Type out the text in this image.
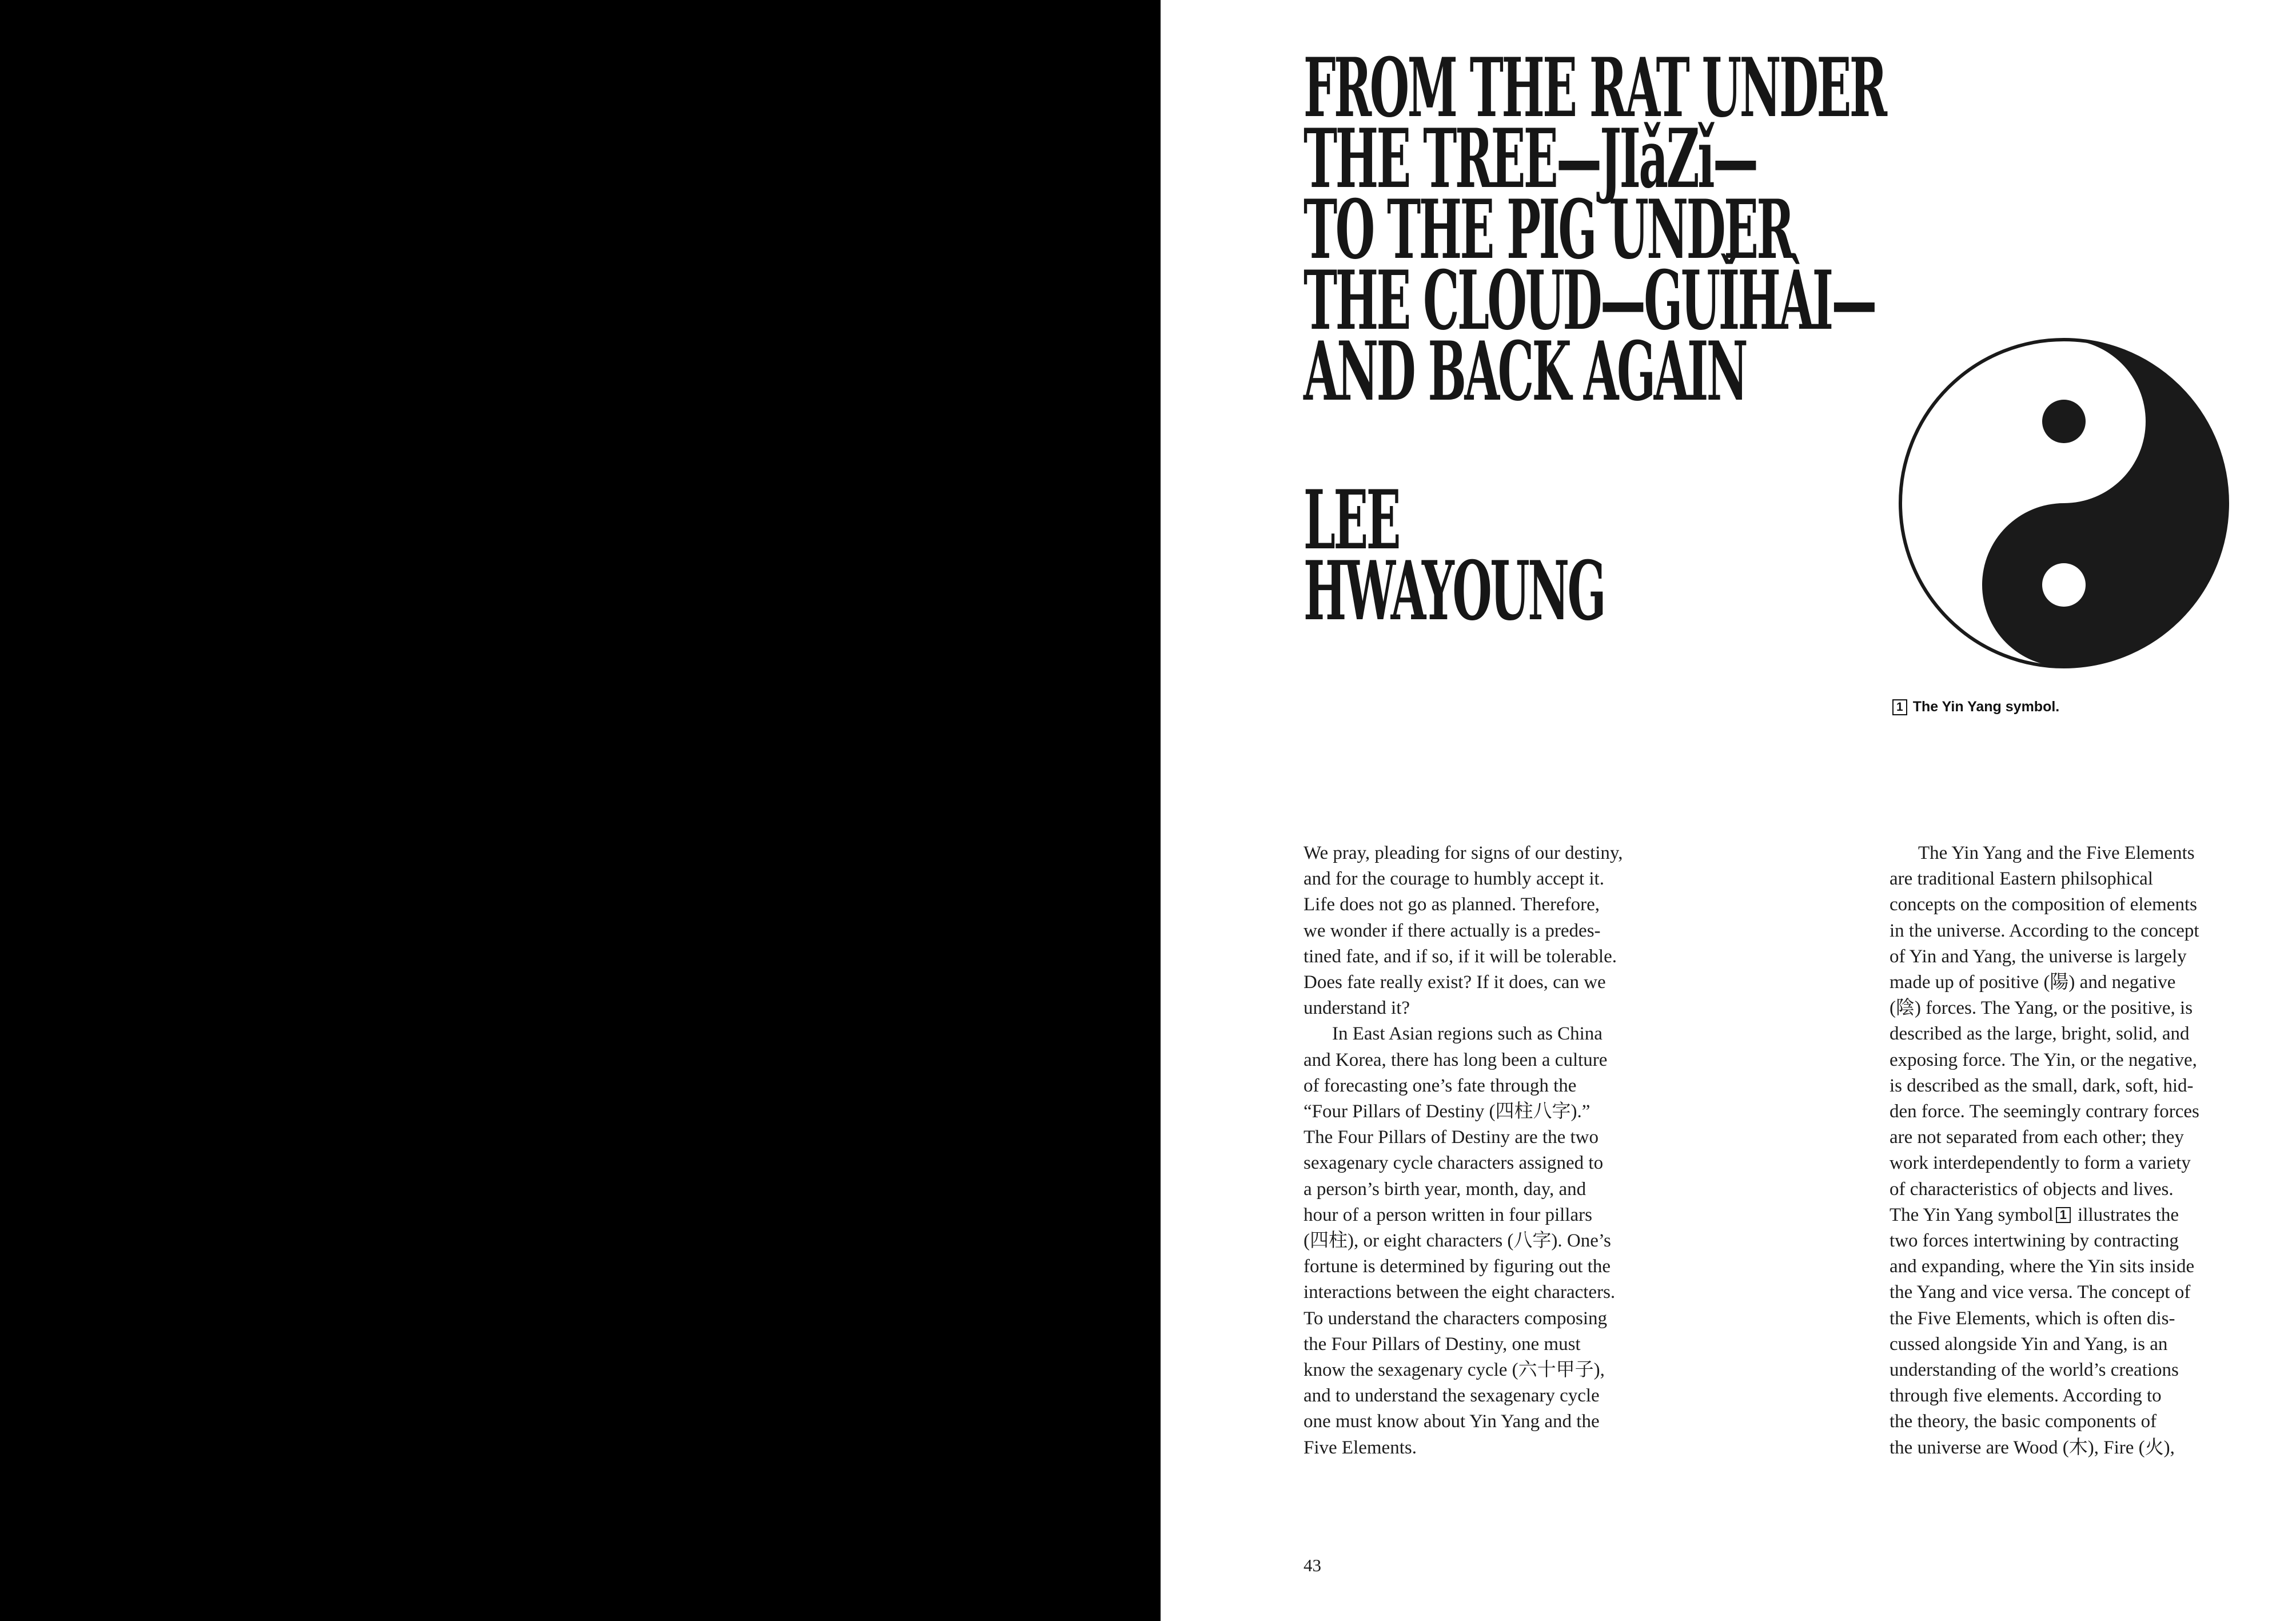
FROM THE RAT UNDER
THE TREE—JIǎZǐ—
TO THE PIG UNDER
THE CLOUD—GUǏHÀI—
AND BACK AGAIN
LEE
HWAYOUNG
1 The Yin Yang symbol.
We pray, pleading for signs of our destiny,
and for the courage to humbly accept it.
Life does not go as planned. Therefore,
we wonder if there actually is a predes-
tined fate, and if so, if it will be tolerable.
Does fate really exist? If it does, can we
understand it?
In East Asian regions such as China
and Korea, there has long been a culture
of forecasting one’s fate through the
“Four Pillars of Destiny (四柱八字).”
The Four Pillars of Destiny are the two
sexagenary cycle characters assigned to
a person’s birth year, month, day, and
hour of a person written in four pillars
(四柱), or eight characters (八字). One’s
fortune is determined by figuring out the
interactions between the eight characters.
To understand the characters composing
the Four Pillars of Destiny, one must
know the sexagenary cycle (六十甲子),
and to understand the sexagenary cycle
one must know about Yin Yang and the
Five Elements.
The Yin Yang and the Five Elements
are traditional Eastern philsophical
concepts on the composition of elements
in the universe. According to the concept
of Yin and Yang, the universe is largely
made up of positive (陽) and negative
(陰) forces. The Yang, or the positive, is
described as the large, bright, solid, and
exposing force. The Yin, or the negative,
is described as the small, dark, soft, hid-
den force. The seemingly contrary forces
are not separated from each other; they
work interdependently to form a variety
of characteristics of objects and lives.
The Yin Yang symbol 1 illustrates the
two forces intertwining by contracting
and expanding, where the Yin sits inside
the Yang and vice versa. The concept of
the Five Elements, which is often dis-
cussed alongside Yin and Yang, is an
understanding of the world’s creations
through five elements. According to
the theory, the basic components of
the universe are Wood (木), Fire (火),
43
